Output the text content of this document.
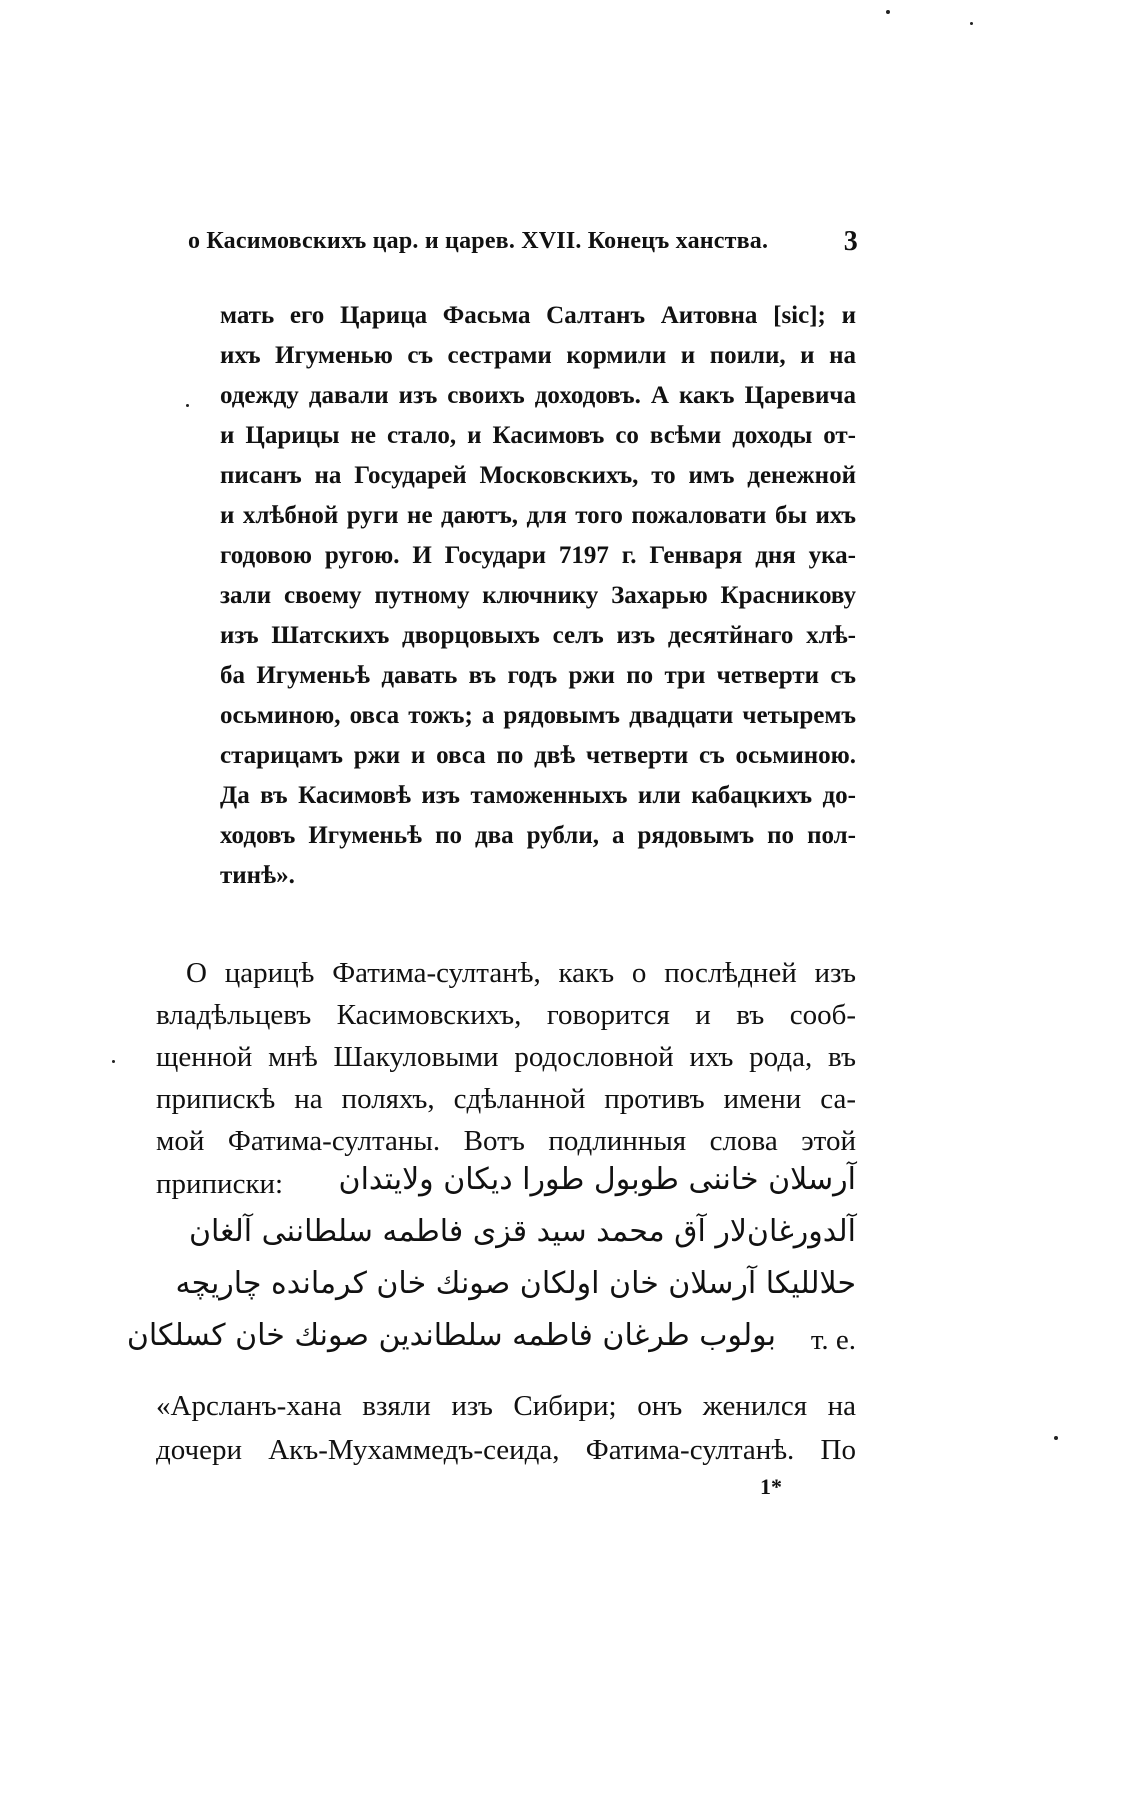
о Касимовскихъ цар. и царев. XVII. Конецъ ханства.	3
мать его Царица Фасьма Салтанъ Аитовна [sic]; и
ихъ Игуменью съ сестрами кормили и поили, и на
одежду давали изъ своихъ доходовъ. А какъ Царевича
и Царицы не стало, и Касимовъ со всѣми доходы от-
писанъ на Государей Московскихъ, то имъ денежной
и хлѣбной руги не даютъ, для того пожаловати бы ихъ
годовою ругою. И Государи 7197 г. Генваря дня ука-
зали своему путному ключнику Захарью Красникову
изъ Шатскихъ дворцовыхъ селъ изъ десятйнаго хлѣ-
ба Игуменьѣ давать въ годъ ржи по три четверти съ
осьминою, овса тожъ; а рядовымъ двадцати четыремъ
старицамъ ржи и овса по двѣ четверти съ осьминою.
Да въ Касимовѣ изъ таможенныхъ или кабацкихъ до-
ходовъ Игуменьѣ по два рубли, а рядовымъ по пол-
тинѣ».
О царицѣ Фатима-султанѣ, какъ о послѣдней изъ
владѣльцевъ Касимовскихъ, говорится и въ сооб-
щенной мнѣ Шакуловыми родословной ихъ рода, въ
припискѣ на поляхъ, сдѣланной противъ имени са-
мой Фатима-султаны. Вотъ подлинныя слова этой
приписки:	آرسلان خاننی طوبول طورا دیکان ولایتدان
آلدورغان‌لار آق محمد سید قزی فاطمه سلطاننی آلغان
حلاللیکا آرسلان خان اولکان صونك خان کرمانده چاریچه
بولوب طرغان فاطمه سلطاندین صونك خان کسلکان т. е.
«Арсланъ-хана взяли изъ Сибири; онъ женился на
дочери Акъ-Мухаммедъ-сеида, Фатима-султанѣ. По
1*
